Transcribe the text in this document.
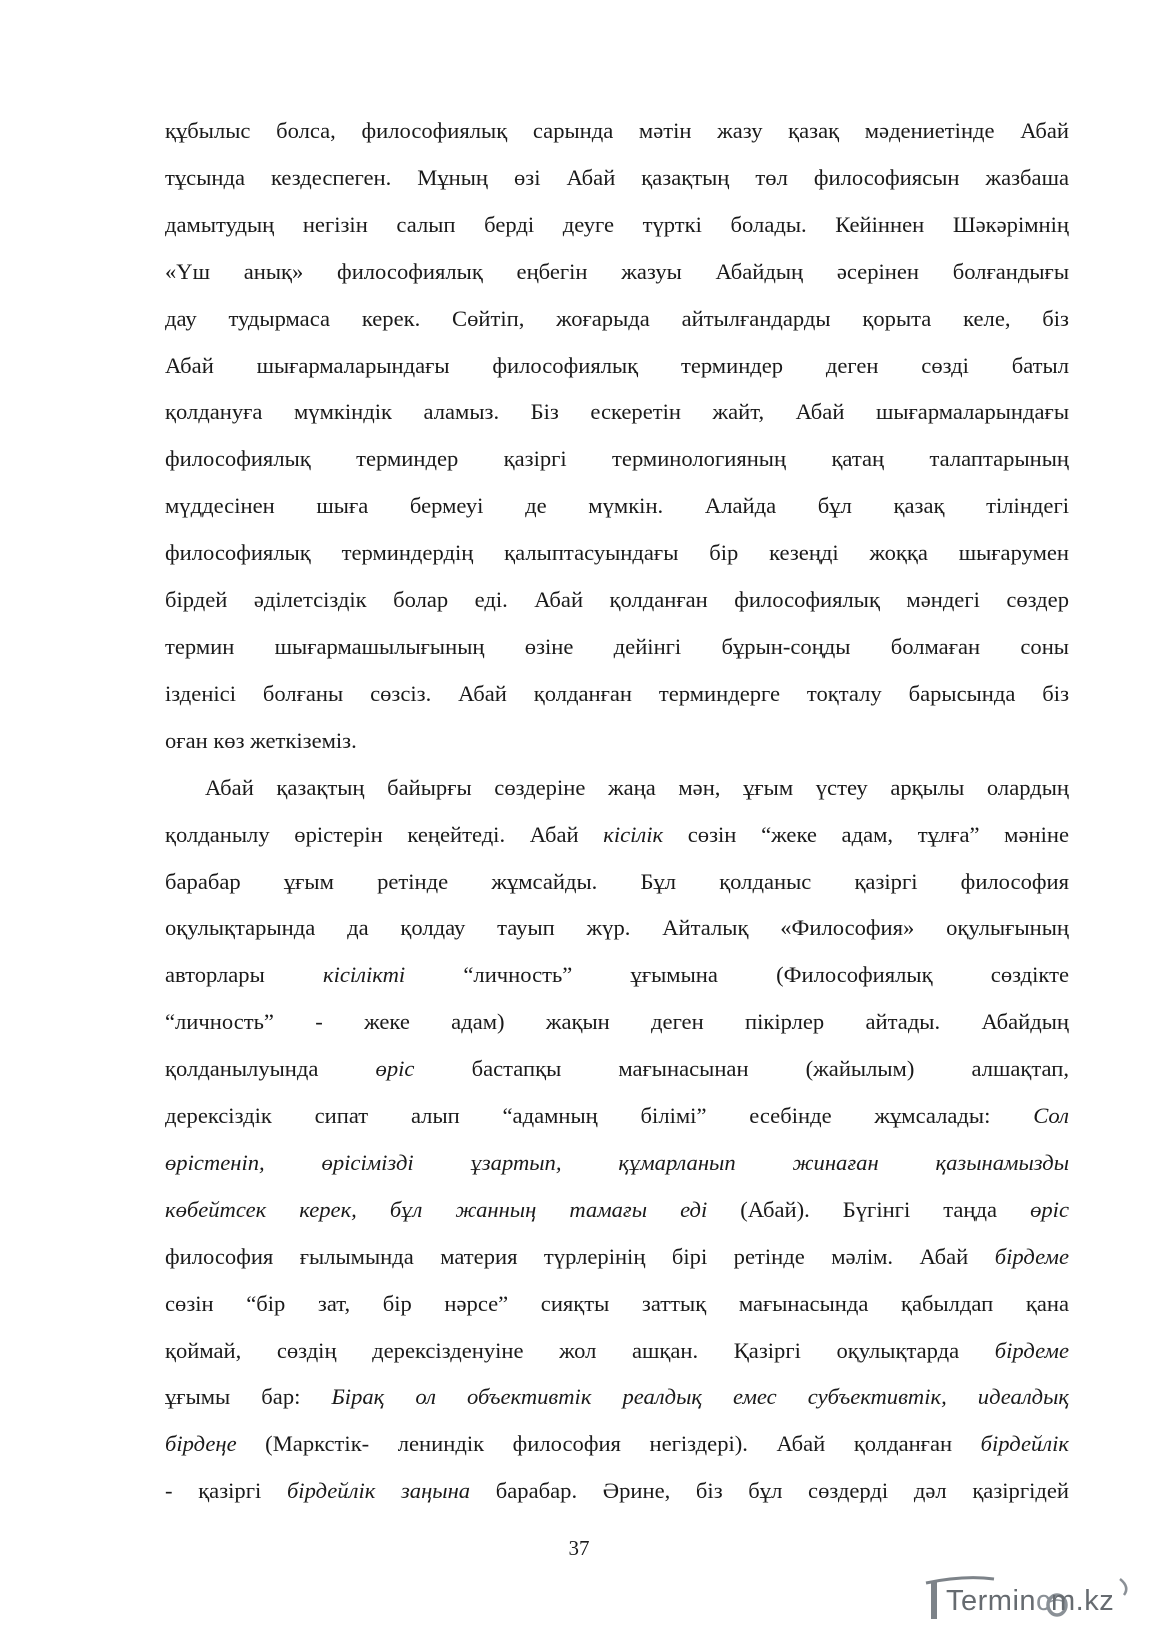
құбылыс болса, философиялық сарында мәтін жазу қазақ мәдениетінде Абай

тұсында кездеспеген. Мұның өзі Абай қазақтың төл философиясын жазбаша

дамытудың негізін салып берді деуге түрткі болады. Кейіннен Шәкәрімнің

«Үш анық» философиялық еңбегін жазуы Абайдың әсерінен болғандығы

дау тудырмаса керек. Сөйтіп, жоғарыда айтылғандарды қорыта келе, біз

Абай шығармаларындағы философиялық терминдер деген сөзді батыл

қолдануға мүмкіндік аламыз. Біз ескеретін жайт, Абай шығармаларындағы

философиялық терминдер қазіргі терминологияның қатаң талаптарының

мүддесінен шыға бермеуі де мүмкін. Алайда бұл қазақ тіліндегі

философиялық терминдердің қалыптасуындағы бір кезеңді жоққа шығарумен

бірдей әділетсіздік болар еді. Абай қолданған философиялық мәндегі сөздер

термин шығармашылығының өзіне дейінгі бұрын-соңды болмаған соны

ізденісі болғаны сөзсіз. Абай қолданған терминдерге тоқталу барысында біз

оған көз жеткіземіз.

Абай қазақтың байырғы сөздеріне жаңа мән, ұғым үстеу арқылы олардың

қолданылу өрістерін кеңейтеді. Абай кісілік сөзін “жеке адам, тұлға” мәніне

барабар ұғым ретінде жұмсайды. Бұл қолданыс қазіргі философия

оқулықтарында да қолдау тауып жүр. Айталық «Философия» оқулығының

авторлары кісілікті “личность” ұғымына (Философиялық сөздікте

“личность” - жеке адам) жақын деген пікірлер айтады. Абайдың

қолданылуында өріс бастапқы мағынасынан (жайылым) алшақтап,

дерексіздік сипат алып “адамның білімі” есебінде жұмсалады: Сол

өрістеніп, өрісімізді ұзартып, құмарланып жинаған қазынамызды

көбейтсек керек, бұл жанның тамағы еді (Абай). Бүгінгі таңда өріс

философия ғылымында материя түрлерінің бірі ретінде мәлім. Абай бірдеме

сөзін “бір зат, бір нәрсе” сияқты заттық мағынасында қабылдап қана

қоймай, сөздің дерексізденуіне жол ашқан. Қазіргі оқулықтарда бірдеме

ұғымы бар: Бірақ ол объективтік реалдық емес субъективтік, идеалдық

бірдеңе (Маркстік- лениндік философия негіздері). Абай қолданған бірдейлік

- қазіргі бірдейлік заңына барабар. Әрине, біз бұл сөздерді дәл қазіргідей

37
Termincm.kz
